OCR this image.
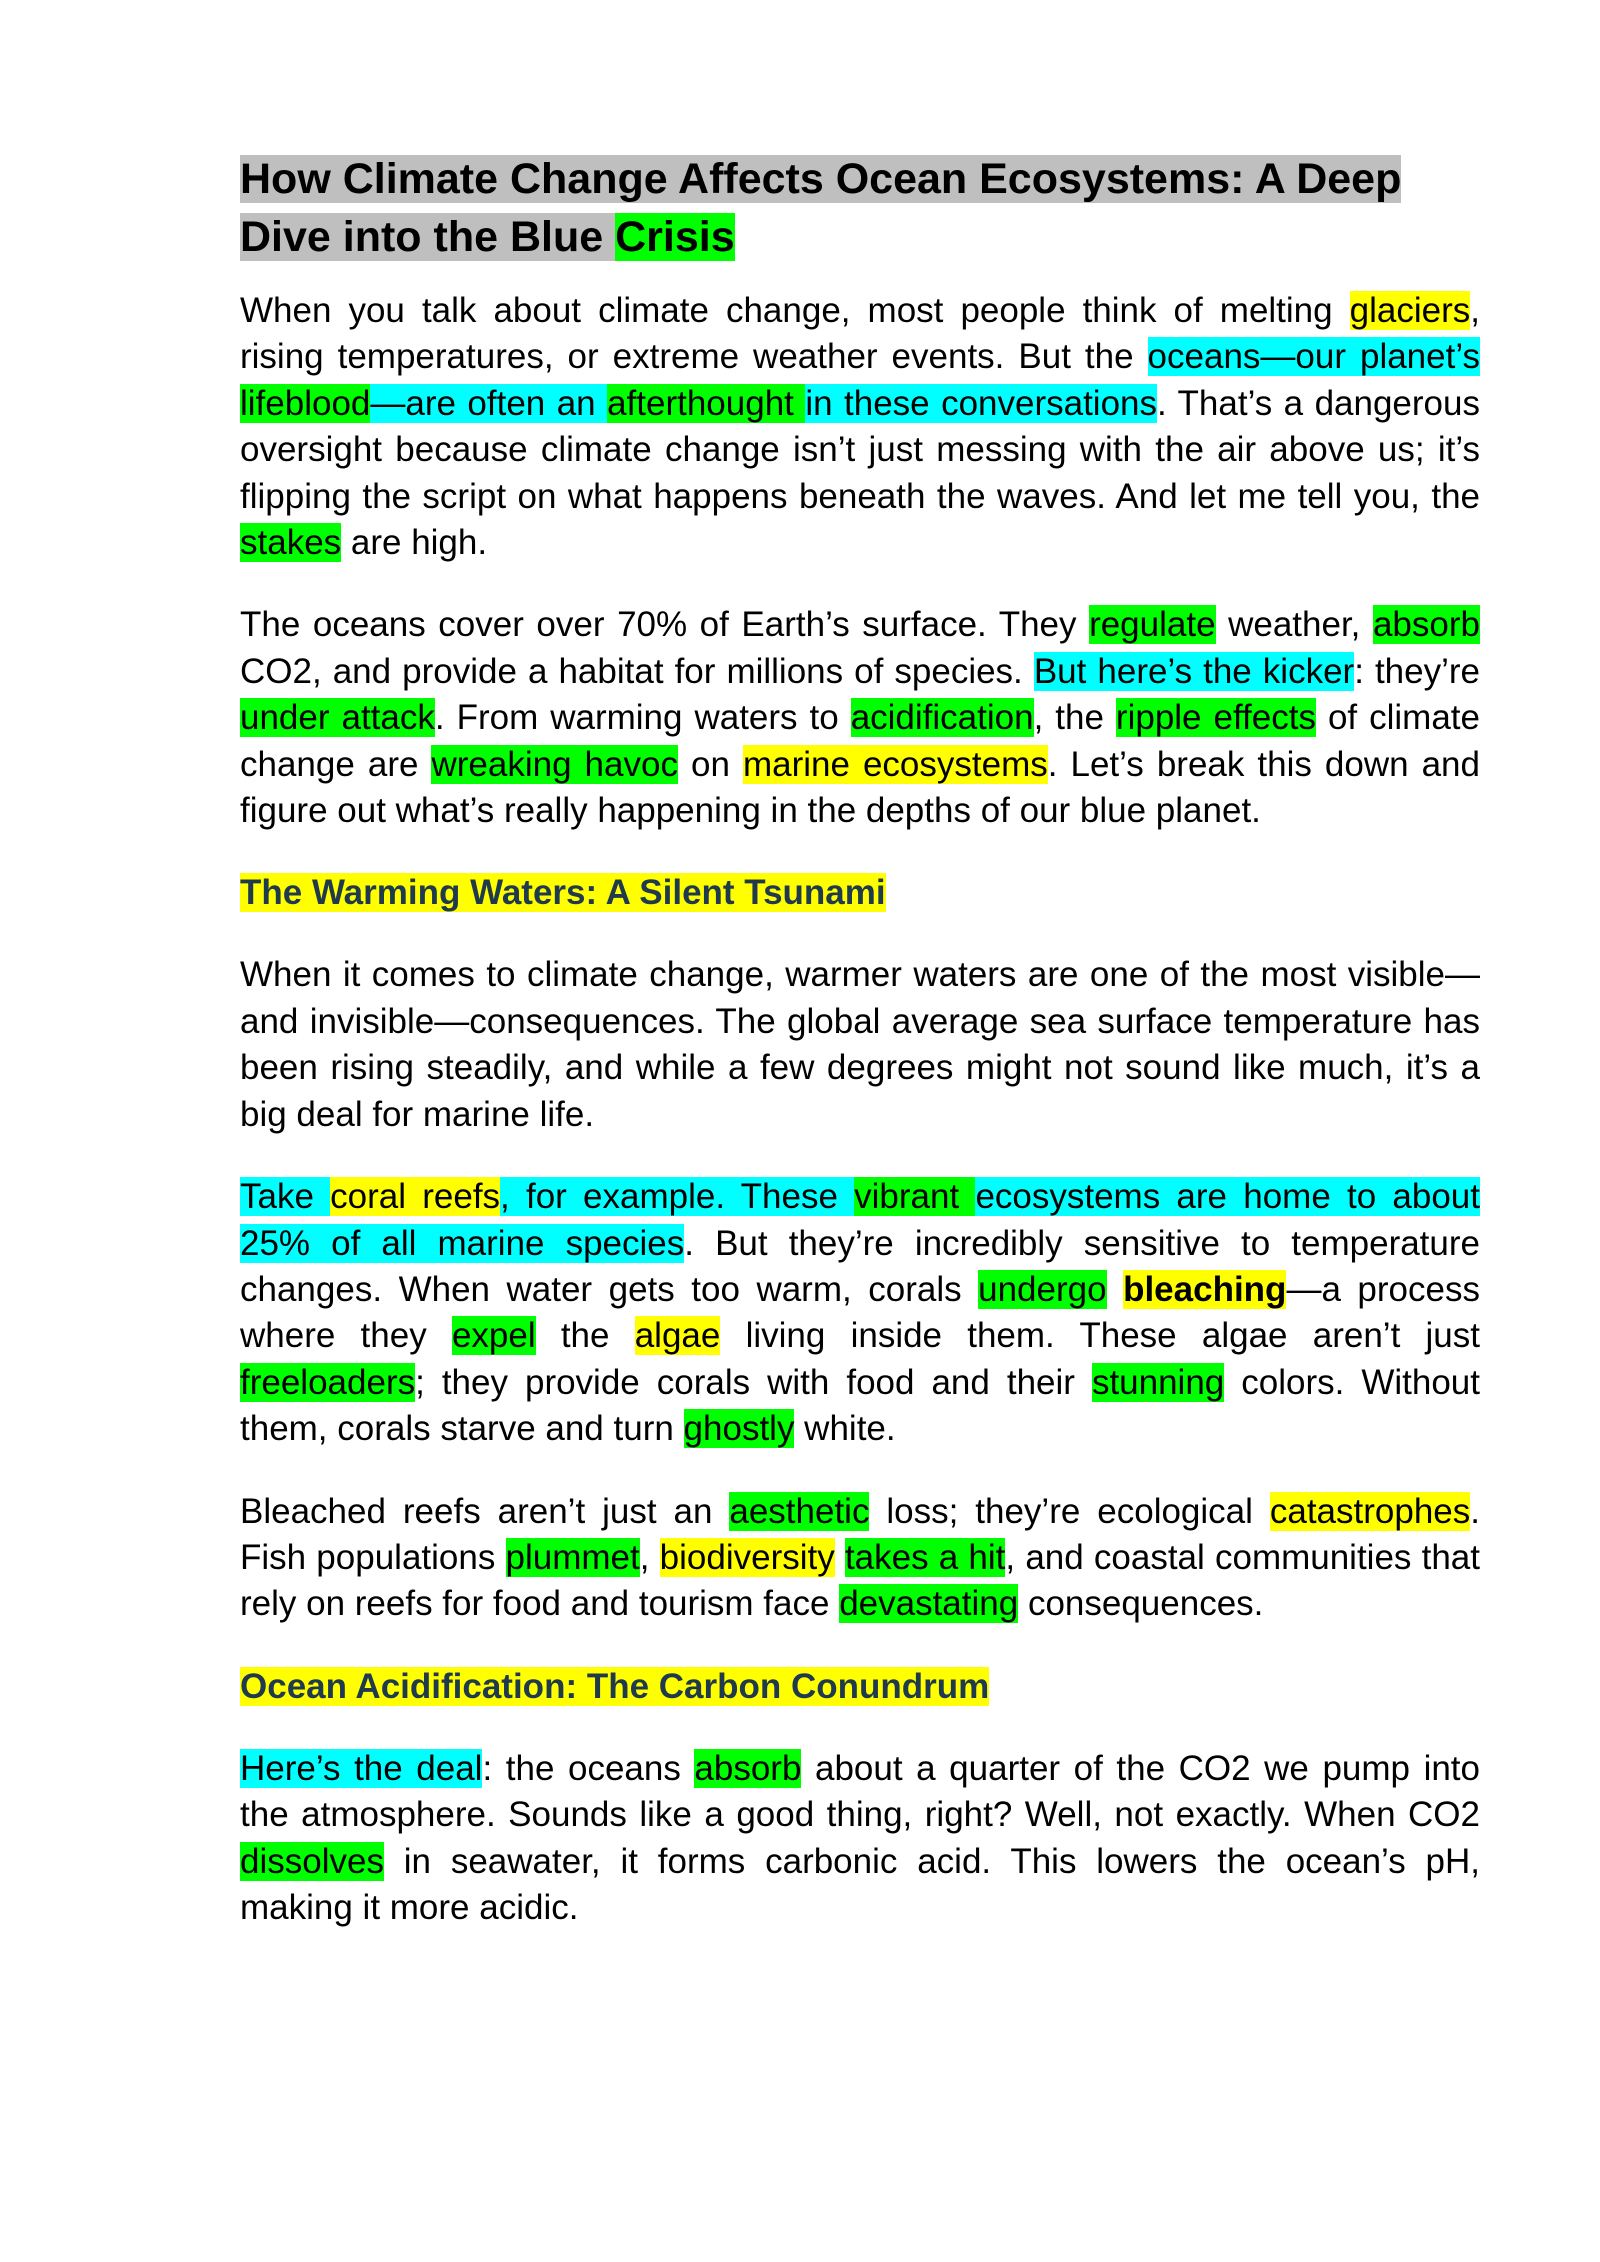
How Climate Change Affects Ocean Ecosystems: A Deep Dive into the Blue Crisis

When you talk about climate change, most people think of melting glaciers, rising temperatures, or extreme weather events. But the oceans—our planet’s lifeblood—are often an afterthought in these conversations. That’s a dangerous oversight because climate change isn’t just messing with the air above us; it’s flipping the script on what happens beneath the waves. And let me tell you, the stakes are high.

The oceans cover over 70% of Earth’s surface. They regulate weather, absorb CO2, and provide a habitat for millions of species. But here’s the kicker: they’re under attack. From warming waters to acidification, the ripple effects of climate change are wreaking havoc on marine ecosystems. Let’s break this down and figure out what’s really happening in the depths of our blue planet.

The Warming Waters: A Silent Tsunami

When it comes to climate change, warmer waters are one of the most visible—and invisible—consequences. The global average sea surface temperature has been rising steadily, and while a few degrees might not sound like much, it’s a big deal for marine life.

Take coral reefs, for example. These vibrant ecosystems are home to about 25% of all marine species. But they’re incredibly sensitive to temperature changes. When water gets too warm, corals undergo bleaching—a process where they expel the algae living inside them. These algae aren’t just freeloaders; they provide corals with food and their stunning colors. Without them, corals starve and turn ghostly white.

Bleached reefs aren’t just an aesthetic loss; they’re ecological catastrophes. Fish populations plummet, biodiversity takes a hit, and coastal communities that rely on reefs for food and tourism face devastating consequences.

Ocean Acidification: The Carbon Conundrum

Here’s the deal: the oceans absorb about a quarter of the CO2 we pump into the atmosphere. Sounds like a good thing, right? Well, not exactly. When CO2 dissolves in seawater, it forms carbonic acid. This lowers the ocean’s pH, making it more acidic.
